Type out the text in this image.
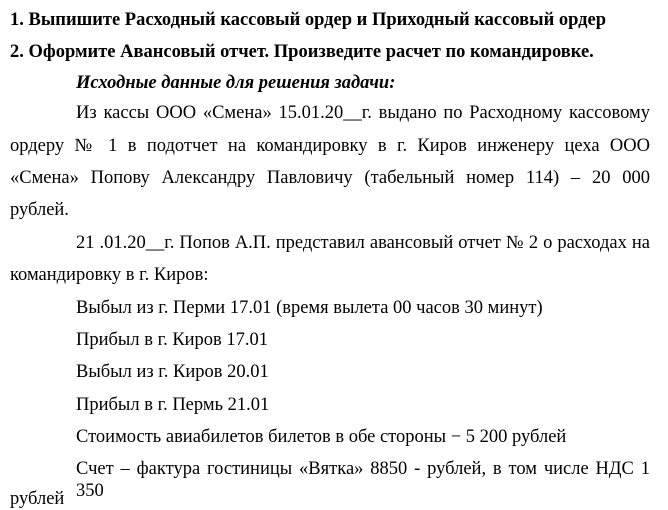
1. Выпишите Расходный кассовый ордер и Приходный кассовый ордер
2. Оформите Авансовый отчет. Произведите расчет по командировке.
Исходные данные для решения задачи:
Из кассы ООО «Смена» 15.01.20__г. выдано по Расходному кассовому
ордеру № 1 в подотчет на командировку в г. Киров инженеру цеха ООО
«Смена» Попову Александру Павловичу (табельный номер 114) – 20 000
рублей.
21 .01.20__г. Попов А.П. представил авансовый отчет № 2 о расходах на
командировку в г. Киров:
Выбыл из г. Перми 17.01 (время вылета 00 часов 30 минут)
Прибыл в г. Киров 17.01
Выбыл из г. Киров 20.01
Прибыл в г. Пермь 21.01
Стоимость авиабилетов билетов в обе стороны − 5 200 рублей
Счет – фактура гостиницы «Вятка» 8850 - рублей, в том числе НДС 1 350
рублей
